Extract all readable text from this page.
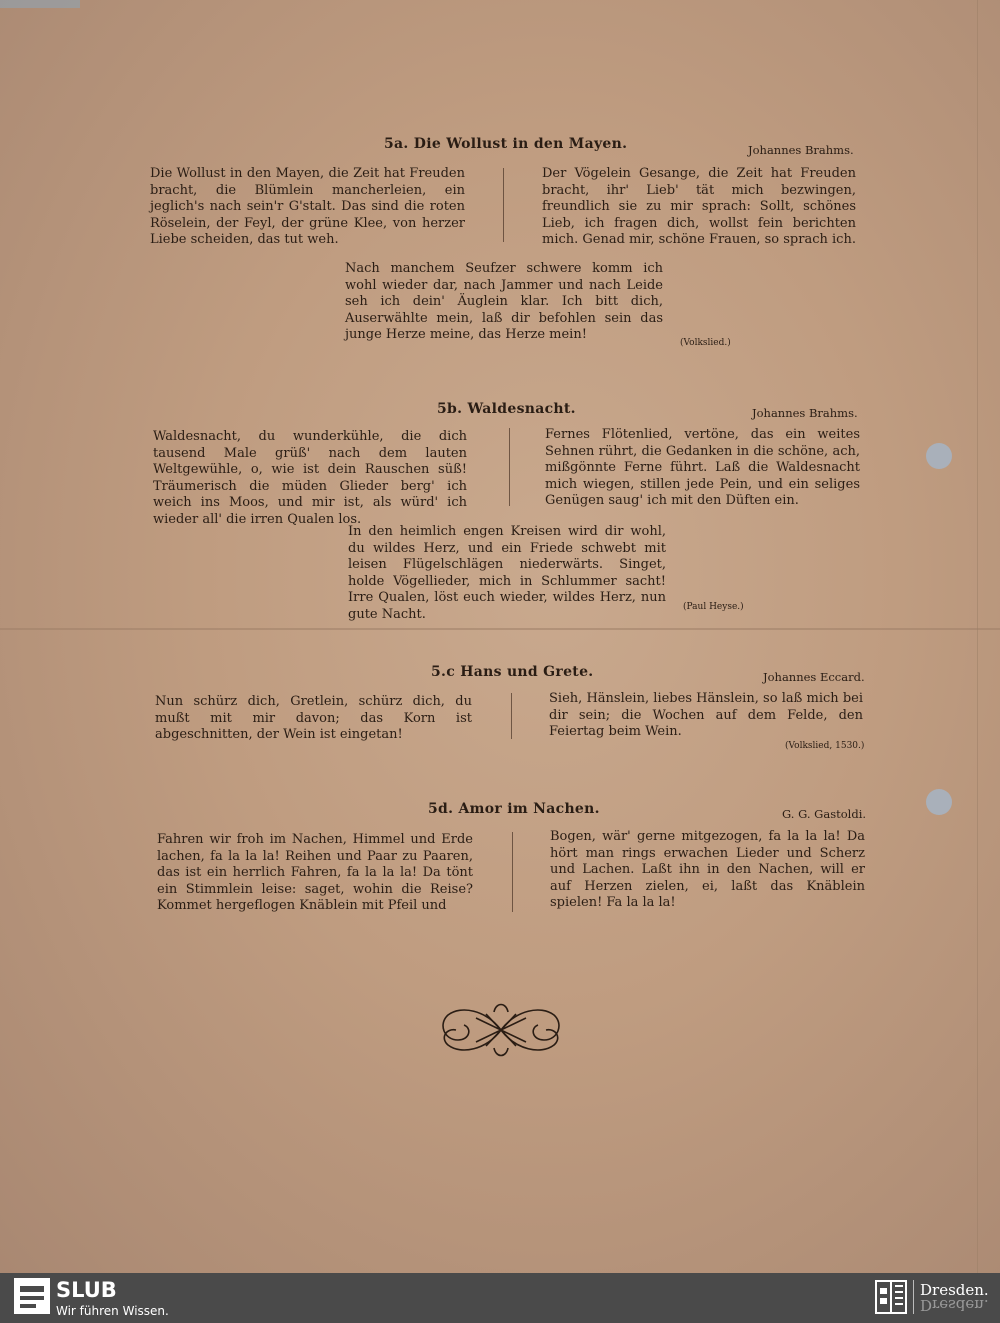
5a. Die Wollust in den Mayen.	Johannes Brahms.
Die Wollust in den Mayen, die Zeit hat Freuden bracht, die Blümlein mancherleien, ein jeglich's nach sein'r G'stalt. Das sind die roten Röselein, der Feyl, der grüne Klee, von herzer Liebe scheiden, das tut weh.
Der Vögelein Gesange, die Zeit hat Freuden bracht, ihr' Lieb' tät mich bezwingen, freundlich sie zu mir sprach: Sollt, schönes Lieb, ich fragen dich, wollst fein berichten mich. Genad mir, schöne Frauen, so sprach ich.
Nach manchem Seufzer schwere komm ich wohl wieder dar, nach Jammer und nach Leide seh ich dein' Äuglein klar. Ich bitt dich, Auserwählte mein, laß dir befohlen sein das junge Herze meine, das Herze mein!
(Volkslied.)
5b. Waldesnacht.	Johannes Brahms.
Waldesnacht, du wunderkühle, die dich tausend Male grüß' nach dem lauten Weltgewühle, o, wie ist dein Rauschen süß! Träumerisch die müden Glieder berg' ich weich ins Moos, und mir ist, als würd' ich wieder all' die irren Qualen los.
Fernes Flötenlied, vertöne, das ein weites Sehnen rührt, die Gedanken in die schöne, ach, mißgönnte Ferne führt. Laß die Waldesnacht mich wiegen, stillen jede Pein, und ein seliges Genügen saug' ich mit den Düften ein.
In den heimlich engen Kreisen wird dir wohl, du wildes Herz, und ein Friede schwebt mit leisen Flügelschlägen niederwärts. Singet, holde Vögellieder, mich in Schlummer sacht! Irre Qualen, löst euch wieder, wildes Herz, nun gute Nacht.	(Paul Heyse.)
5.c Hans und Grete.	Johannes Eccard.
Nun schürz dich, Gretlein, schürz dich, du mußt mit mir davon; das Korn ist abgeschnitten, der Wein ist eingetan!
Sieh, Hänslein, liebes Hänslein, so laß mich bei dir sein; die Wochen auf dem Felde, den Feiertag beim Wein.
(Volkslied, 1530.)
5d. Amor im Nachen.	G. G. Gastoldi.
Fahren wir froh im Nachen, Himmel und Erde lachen, fa la la la! Reihen und Paar zu Paaren, das ist ein herrlich Fahren, fa la la la! Da tönt ein Stimmlein leise: saget, wohin die Reise? Kommet hergeflogen Knäblein mit Pfeil und
Bogen, wär' gerne mitgezogen, fa la la la! Da hört man rings erwachen Lieder und Scherz und Lachen. Laßt ihn in den Nachen, will er auf Herzen zielen, ei, laßt das Knäblein spielen! Fa la la la!
SLUB
Wir führen Wissen.
Dresden.
Dresden.
